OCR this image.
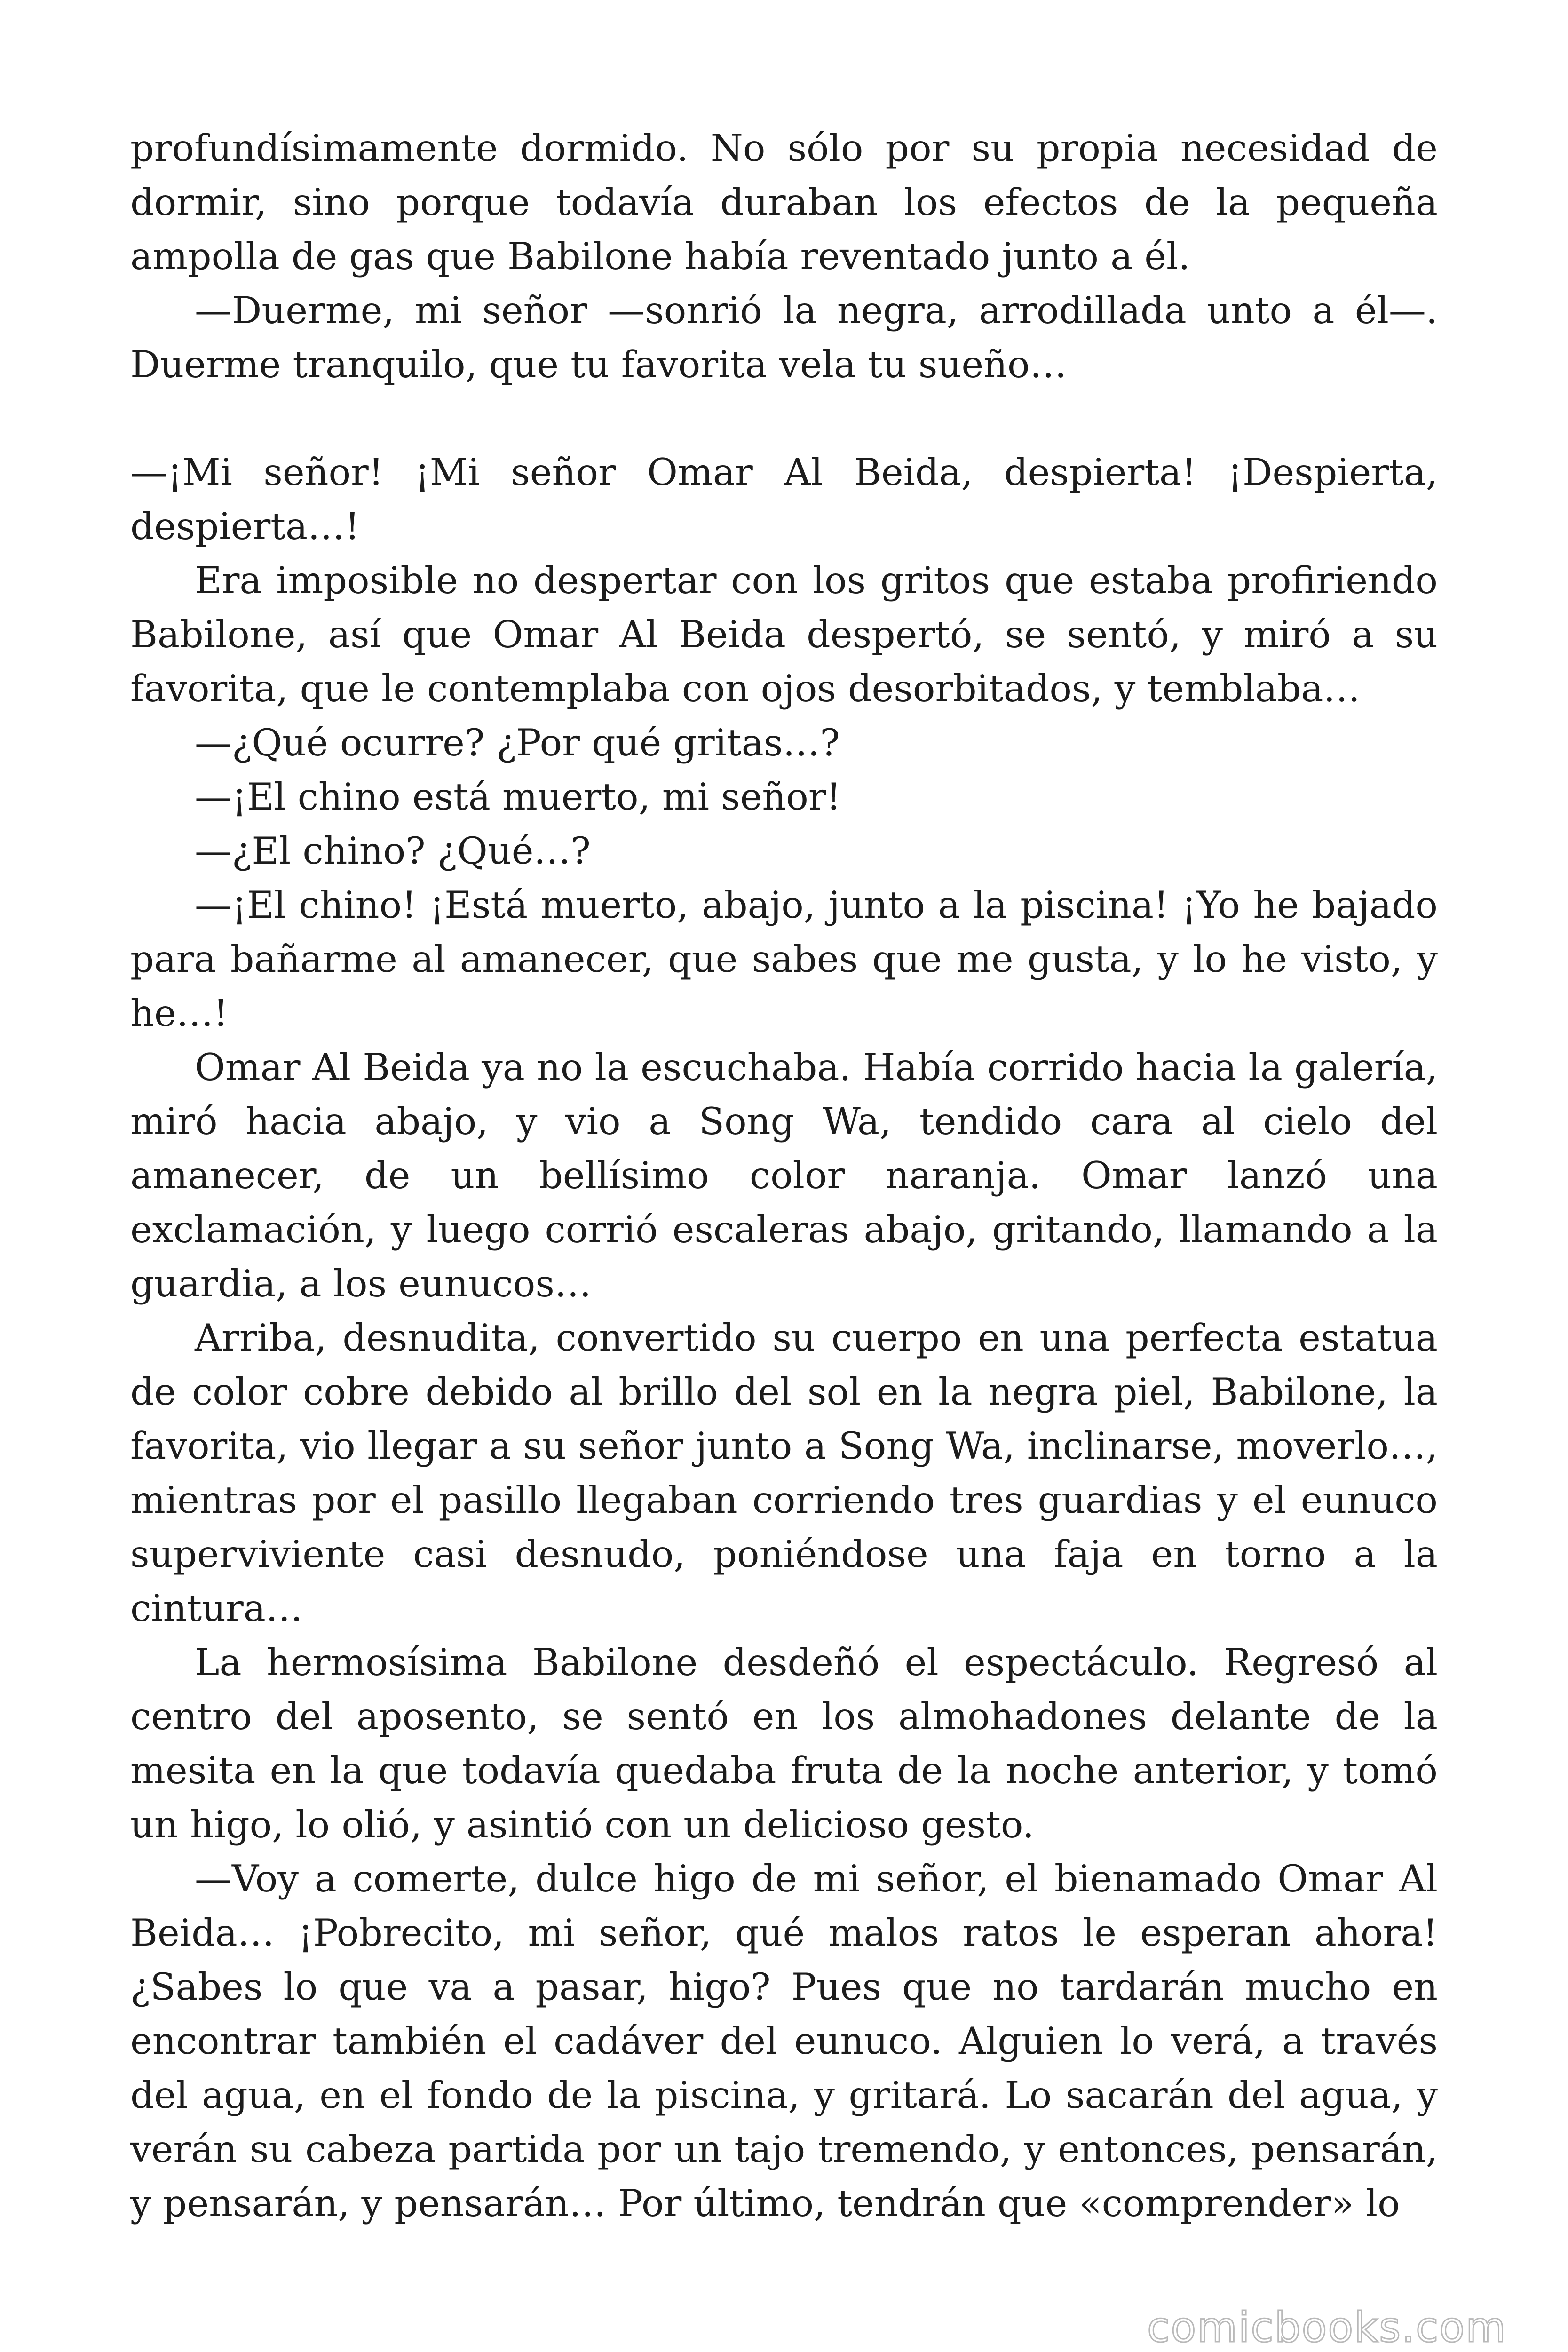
profundísimamente dormido. No sólo por su propia necesidad de dormir, sino porque todavía duraban los efectos de la pequeña ampolla de gas que Babilone había reventado junto a él.

—Duerme, mi señor —sonrió la negra, arrodillada unto a él—. Duerme tranquilo, que tu favorita vela tu sueño…

—¡Mi señor! ¡Mi señor Omar Al Beida, despierta! ¡Despierta, despierta…!

Era imposible no despertar con los gritos que estaba profiriendo Babilone, así que Omar Al Beida despertó, se sentó, y miró a su favorita, que le contemplaba con ojos desorbitados, y temblaba…

—¿Qué ocurre? ¿Por qué gritas…?

—¡El chino está muerto, mi señor!

—¿El chino? ¿Qué…?

—¡El chino! ¡Está muerto, abajo, junto a la piscina! ¡Yo he bajado para bañarme al amanecer, que sabes que me gusta, y lo he visto, y he…!

Omar Al Beida ya no la escuchaba. Había corrido hacia la galería, miró hacia abajo, y vio a Song Wa, tendido cara al cielo del amanecer, de un bellísimo color naranja. Omar lanzó una exclamación, y luego corrió escaleras abajo, gritando, llamando a la guardia, a los eunucos…

Arriba, desnudita, convertido su cuerpo en una perfecta estatua de color cobre debido al brillo del sol en la negra piel, Babilone, la favorita, vio llegar a su señor junto a Song Wa, inclinarse, moverlo…, mientras por el pasillo llegaban corriendo tres guardias y el eunuco superviviente casi desnudo, poniéndose una faja en torno a la cintura…

La hermosísima Babilone desdeñó el espectáculo. Regresó al centro del aposento, se sentó en los almohadones delante de la mesita en la que todavía quedaba fruta de la noche anterior, y tomó un higo, lo olió, y asintió con un delicioso gesto.

—Voy a comerte, dulce higo de mi señor, el bienamado Omar Al Beida… ¡Pobrecito, mi señor, qué malos ratos le esperan ahora! ¿Sabes lo que va a pasar, higo? Pues que no tardarán mucho en encontrar también el cadáver del eunuco. Alguien lo verá, a través del agua, en el fondo de la piscina, y gritará. Lo sacarán del agua, y verán su cabeza partida por un tajo tremendo, y entonces, pensarán, y pensarán, y pensarán… Por último, tendrán que «comprender» lo

comicbooks.com
